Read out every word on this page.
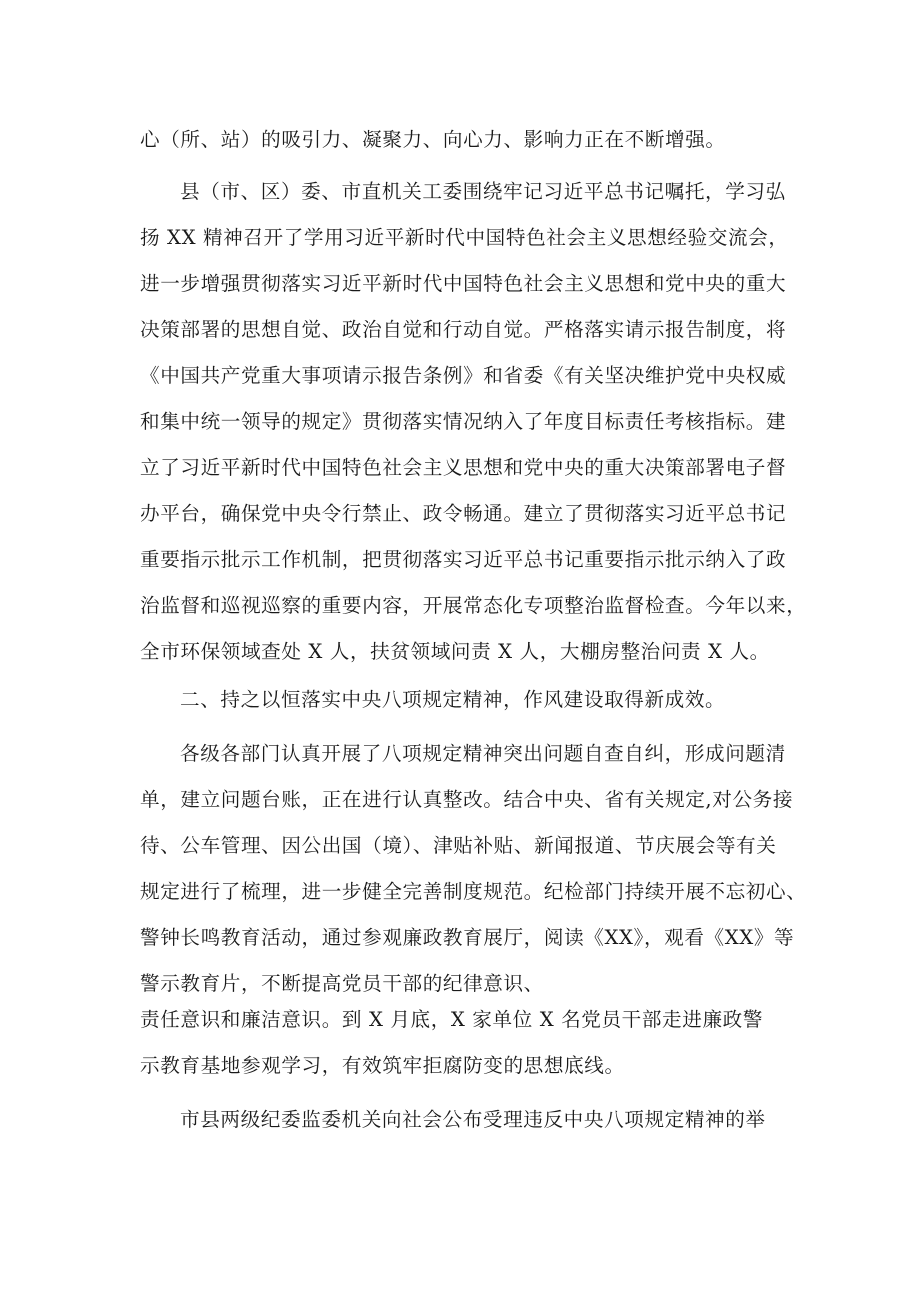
心（所、站）的吸引力、凝聚力、向心力、影响力正在不断增强。
县（市、区）委、市直机关工委围绕牢记习近平总书记嘱托，学习弘
扬 XX 精神召开了学用习近平新时代中国特色社会主义思想经验交流会，
进一步增强贯彻落实习近平新时代中国特色社会主义思想和党中央的重大
决策部署的思想自觉、政治自觉和行动自觉。严格落实请示报告制度，将
《中国共产党重大事项请示报告条例》和省委《有关坚决维护党中央权威
和集中统一领导的规定》贯彻落实情况纳入了年度目标责任考核指标。建
立了习近平新时代中国特色社会主义思想和党中央的重大决策部署电子督
办平台，确保党中央令行禁止、政令畅通。建立了贯彻落实习近平总书记
重要指示批示工作机制，把贯彻落实习近平总书记重要指示批示纳入了政
治监督和巡视巡察的重要内容，开展常态化专项整治监督检查。今年以来，
全市环保领域查处 X 人，扶贫领域问责 X 人，大棚房整治问责 X 人。
二、持之以恒落实中央八项规定精神，作风建设取得新成效。
各级各部门认真开展了八项规定精神突出问题自查自纠，形成问题清
单，建立问题台账，正在进行认真整改。结合中央、省有关规定,对公务接
待、公车管理、因公出国（境）、津贴补贴、新闻报道、节庆展会等有关
规定进行了梳理，进一步健全完善制度规范。纪检部门持续开展不忘初心、
警钟长鸣教育活动，通过参观廉政教育展厅，阅读《XX》，观看《XX》等
警示教育片，不断提高党员干部的纪律意识、
责任意识和廉洁意识。到 X 月底，X 家单位 X 名党员干部走进廉政警
示教育基地参观学习，有效筑牢拒腐防变的思想底线。
市县两级纪委监委机关向社会公布受理违反中央八项规定精神的举
